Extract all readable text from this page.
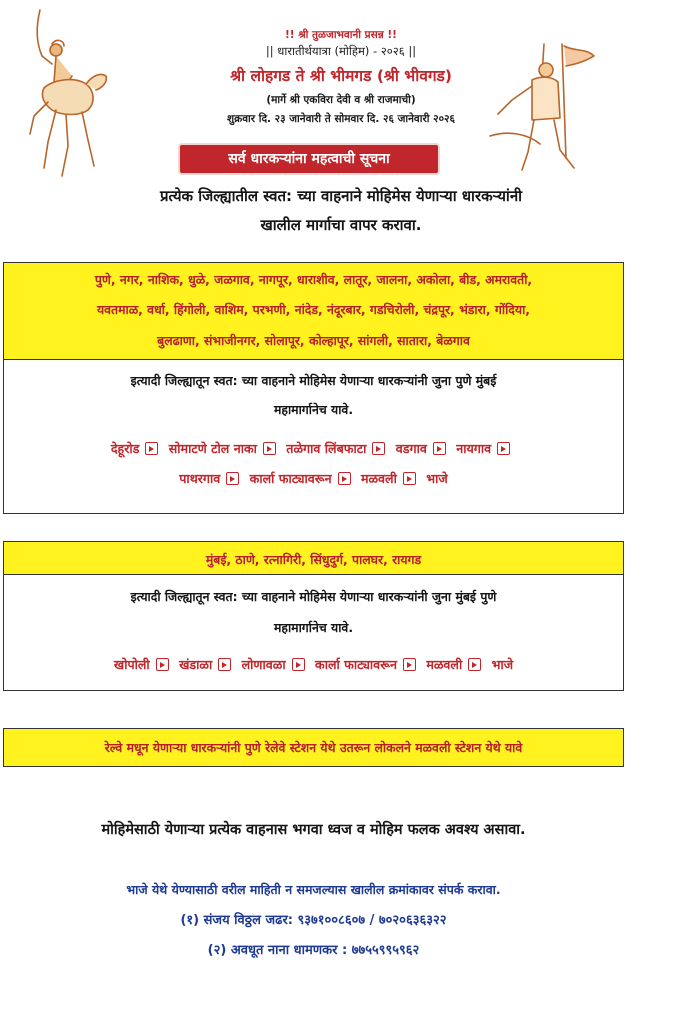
!! श्री तुळजाभवानी प्रसन्न !!
|| धारातीर्थयात्रा (मोहिम) - २०२६ ||
श्री लोहगड ते श्री भीमगड (श्री भीवगड)
(मार्गे श्री एकविरा देवी व श्री राजमाची)
शुक्रवार दि. २३ जानेवारी ते सोमवार दि. २६ जानेवारी २०२६
सर्व धारकऱ्यांना महत्वाची सूचना
प्रत्येक जिल्ह्यातील स्वत: च्या वाहनाने मोहिमेस येणाऱ्या धारकऱ्यांनी
खालील मार्गाचा वापर करावा.
पुणे, नगर, नाशिक, धुळे, जळगाव, नागपूर, धाराशीव, लातूर, जालना, अकोला, बीड, अमरावती,
यवतमाळ, वर्धा, हिंगोली, वाशिम, परभणी, नांदेड, नंदूरबार, गडचिरोली, चंद्रपूर, भंडारा, गोंदिया,
बुलढाणा, संभाजीनगर, सोलापूर, कोल्हापूर, सांगली, सातारा, बेळगाव
इत्यादी जिल्ह्यातून स्वत: च्या वाहनाने मोहिमेस येणाऱ्या धारकऱ्यांनी जुना पुणे मुंबई
महामार्गानेच यावे.
देहूरोड सोमाटणे टोल नाका तळेगाव लिंबफाटा वडगाव नायगाव
पाथरगाव कार्ला फाट्यावरून मळवली भाजे
मुंबई, ठाणे, रत्नागिरी, सिंधुदुर्ग, पालघर, रायगड
इत्यादी जिल्ह्यातून स्वत: च्या वाहनाने मोहिमेस येणाऱ्या धारकऱ्यांनी जुना मुंबई पुणे
महामार्गानेच यावे.
खोपोली खंडाळा लोणावळा कार्ला फाट्यावरून मळवली भाजे
रेल्वे मधून येणाऱ्या धारकऱ्यांनी पुणे रेलेवे स्टेशन येथे उतरून लोकलने मळवली स्टेशन येथे यावे
मोहिमेसाठी येणाऱ्या प्रत्येक वाहनास भगवा ध्वज व मोहिम फलक अवश्य असावा.
भाजे येथे येण्यासाठी वरील माहिती न समजल्यास खालील क्रमांकावर संपर्क करावा.
(१) संजय विठ्ठल जढर: ९३७१००८६०७ / ७०२०६३६३२२
(२) अवधूत नाना धामणकर : ७७५५९९५९६२
